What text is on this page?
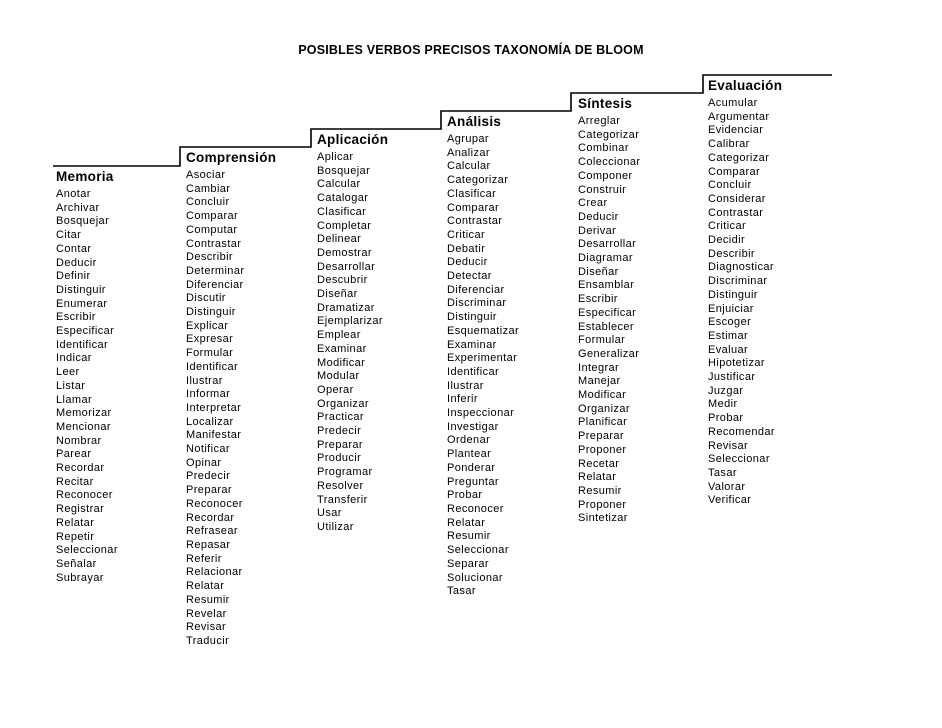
POSIBLES VERBOS PRECISOS TAXONOMÍA DE BLOOM
Memoria
Anotar
Archivar
Bosquejar
Citar
Contar
Deducir
Definir
Distinguir
Enumerar
Escribir
Especificar
Identificar
Indicar
Leer
Listar
Llamar
Memorizar
Mencionar
Nombrar
Parear
Recordar
Recitar
Reconocer
Registrar
Relatar
Repetir
Seleccionar
Señalar
Subrayar
Comprensión
Asociar
Cambiar
Concluir
Comparar
Computar
Contrastar
Describir
Determinar
Diferenciar
Discutir
Distinguir
Explicar
Expresar
Formular
Identificar
Ilustrar
Informar
Interpretar
Localizar
Manifestar
Notificar
Opinar
Predecir
Preparar
Reconocer
Recordar
Refrasear
Repasar
Referir
Relacionar
Relatar
Resumir
Revelar
Revisar
Traducir
Aplicación
Aplicar
Bosquejar
Calcular
Catalogar
Clasificar
Completar
Delinear
Demostrar
Desarrollar
Descubrir
Diseñar
Dramatizar
Ejemplarizar
Emplear
Examinar
Modificar
Modular
Operar
Organizar
Practicar
Predecir
Preparar
Producir
Programar
Resolver
Transferir
Usar
Utilizar
Análisis
Agrupar
Analizar
Calcular
Categorizar
Clasificar
Comparar
Contrastar
Criticar
Debatir
Deducir
Detectar
Diferenciar
Discriminar
Distinguir
Esquematizar
Examinar
Experimentar
Identificar
Ilustrar
Inferir
Inspeccionar
Investigar
Ordenar
Plantear
Ponderar
Preguntar
Probar
Reconocer
Relatar
Resumir
Seleccionar
Separar
Solucionar
Tasar
Síntesis
Arreglar
Categorizar
Combinar
Coleccionar
Componer
Construir
Crear
Deducir
Derivar
Desarrollar
Diagramar
Diseñar
Ensamblar
Escribir
Especificar
Establecer
Formular
Generalizar
Integrar
Manejar
Modificar
Organizar
Planificar
Preparar
Proponer
Recetar
Relatar
Resumir
Proponer
Sintetizar
Evaluación
Acumular
Argumentar
Evidenciar
Calibrar
Categorizar
Comparar
Concluir
Considerar
Contrastar
Criticar
Decidir
Describir
Diagnosticar
Discriminar
Distinguir
Enjuiciar
Escoger
Estimar
Evaluar
Hipotetizar
Justificar
Juzgar
Medir
Probar
Recomendar
Revisar
Seleccionar
Tasar
Valorar
Verificar
